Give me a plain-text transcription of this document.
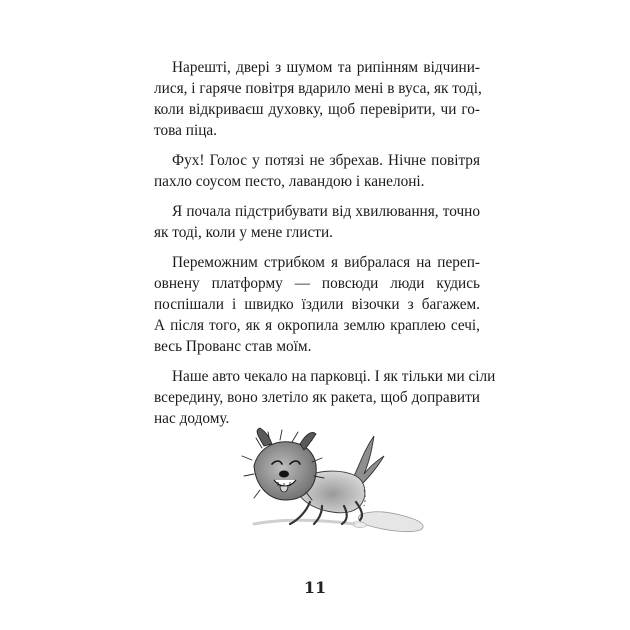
Нарешті, двері з шумом та рипінням відчини-
лися, і гаряче повітря вдарило мені в вуса, як тоді,
коли відкриваєш духовку, щоб перевірити, чи го-
това піца.

Фух! Голос у потязі не збрехав. Нічне повітря
пахло соусом песто, лавандою і канелоні.

Я почала підстрибувати від хвилювання, точно
як тоді, коли у мене глисти.

Переможним стрибком я вибралася на переп-
овнену платформу — повсюди люди кудись
поспішали і швидко їздили візочки з багажем.
А після того, як я окропила землю краплею сечі,
весь Прованс став моїм.

Наше авто чекало на парковці. І як тільки ми сіли
всередину, воно злетіло як ракета, щоб доправити
нас додому.

11
